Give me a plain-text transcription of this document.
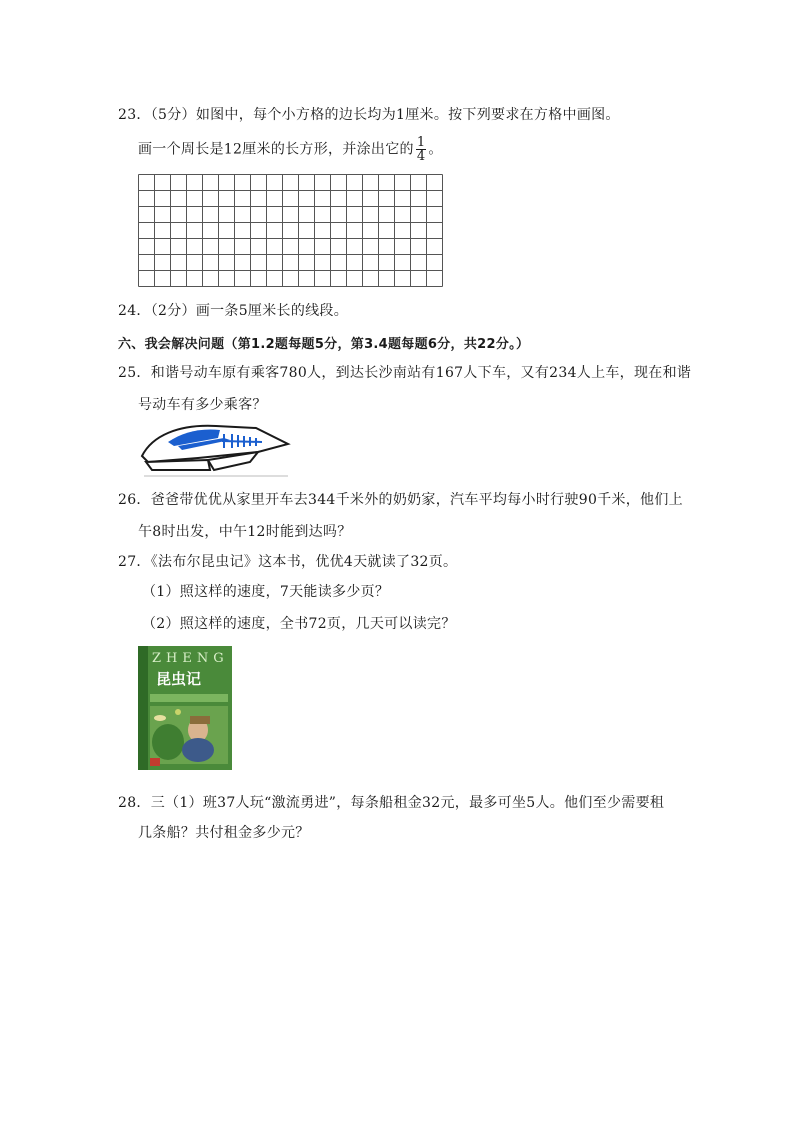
23．（5分）如图中，每个小方格的边长均为1厘米。按下列要求在方格中画图。
画一个周长是12厘米的长方形，并涂出它的 $\frac{1}{4}$ 。
24．（2分）画一条5厘米长的线段。
六、我会解决问题（第1.2题每题5分，第3.4题每题6分，共22分。）
25．和谐号动车原有乘客780人，到达长沙南站有167人下车，又有234人上车，现在和谐
号动车有多少乘客？
26．爸爸带优优从家里开车去344千米外的奶奶家，汽车平均每小时行驶90千米，他们上
午8时出发，中午12时能到达吗？
27．《法布尔昆虫记》这本书，优优4天就读了32页。
（1）照这样的速度，7天能读多少页？
（2）照这样的速度，全书72页，几天可以读完？
ZHENG
昆虫记
28．三（1）班37人玩“激流勇进”，每条船租金32元，最多可坐5人。他们至少需要租
几条船？共付租金多少元？
